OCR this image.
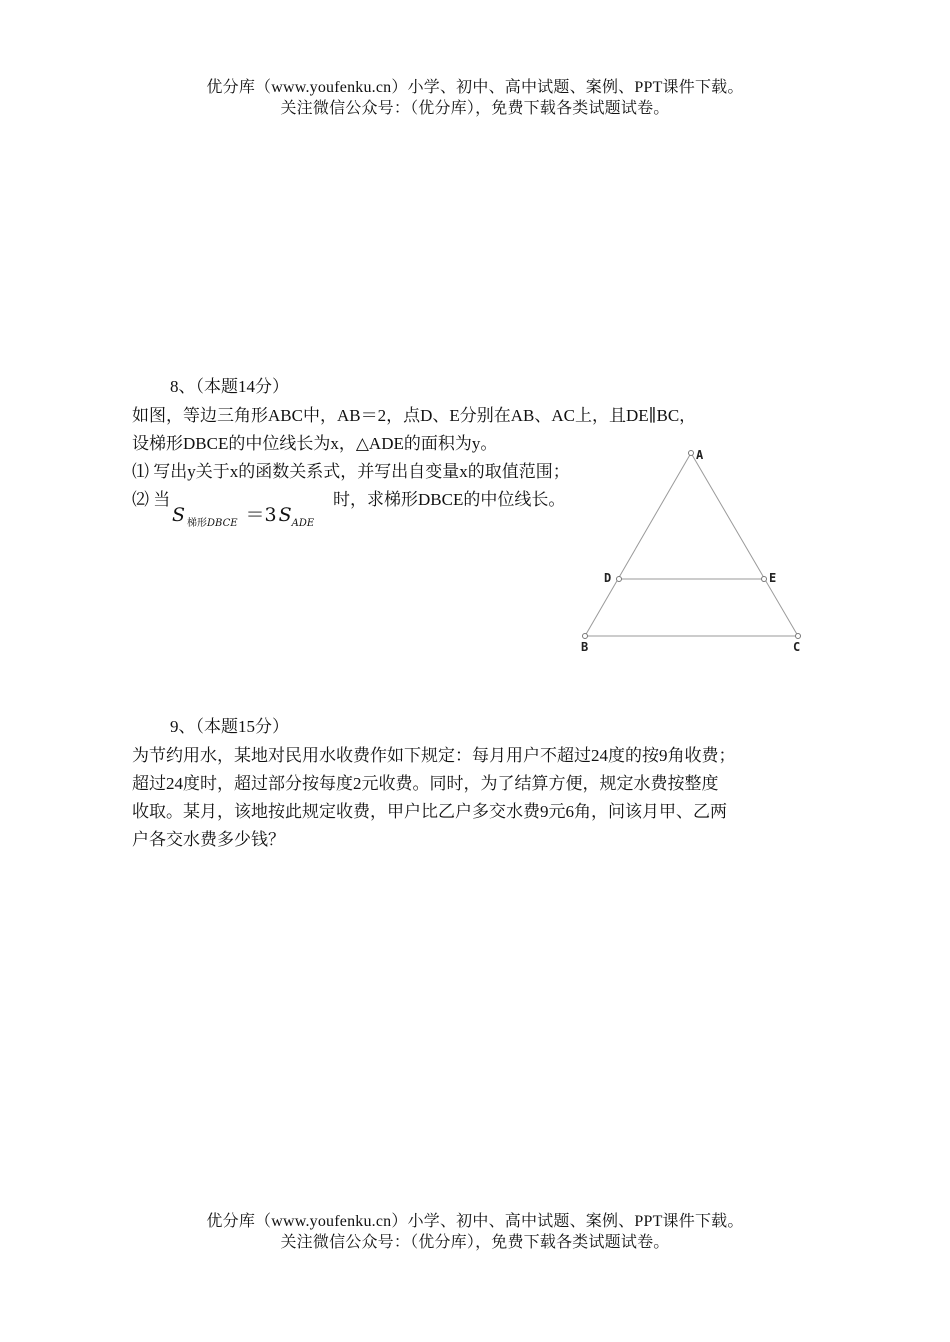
优分库（www.youfenku.cn）小学、初中、高中试题、案例、PPT课件下载。
关注微信公众号：（优分库），免费下载各类试题试卷。
8、（本题14分）
如图，等边三角形ABC中，AB＝2，点D、E分别在AB、AC上，且DE∥BC，
设梯形DBCE的中位线长为x，△ADE的面积为y。
⑴ 写出y关于x的函数关系式，并写出自变量x的取值范围；
⑵ 当
S $_{梯形DBCE}$ ＝3 $S_{ADE}$
时，求梯形DBCE的中位线长。
A
B	C
D	E
9、（本题15分）
为节约用水，某地对民用水收费作如下规定：每月用户不超过24度的按9角收费；
超过24度时，超过部分按每度2元收费。同时，为了结算方便，规定水费按整度
收取。某月，该地按此规定收费，甲户比乙户多交水费9元6角，问该月甲、乙两
户各交水费多少钱？
优分库（www.youfenku.cn）小学、初中、高中试题、案例、PPT课件下载。
关注微信公众号：（优分库），免费下载各类试题试卷。
